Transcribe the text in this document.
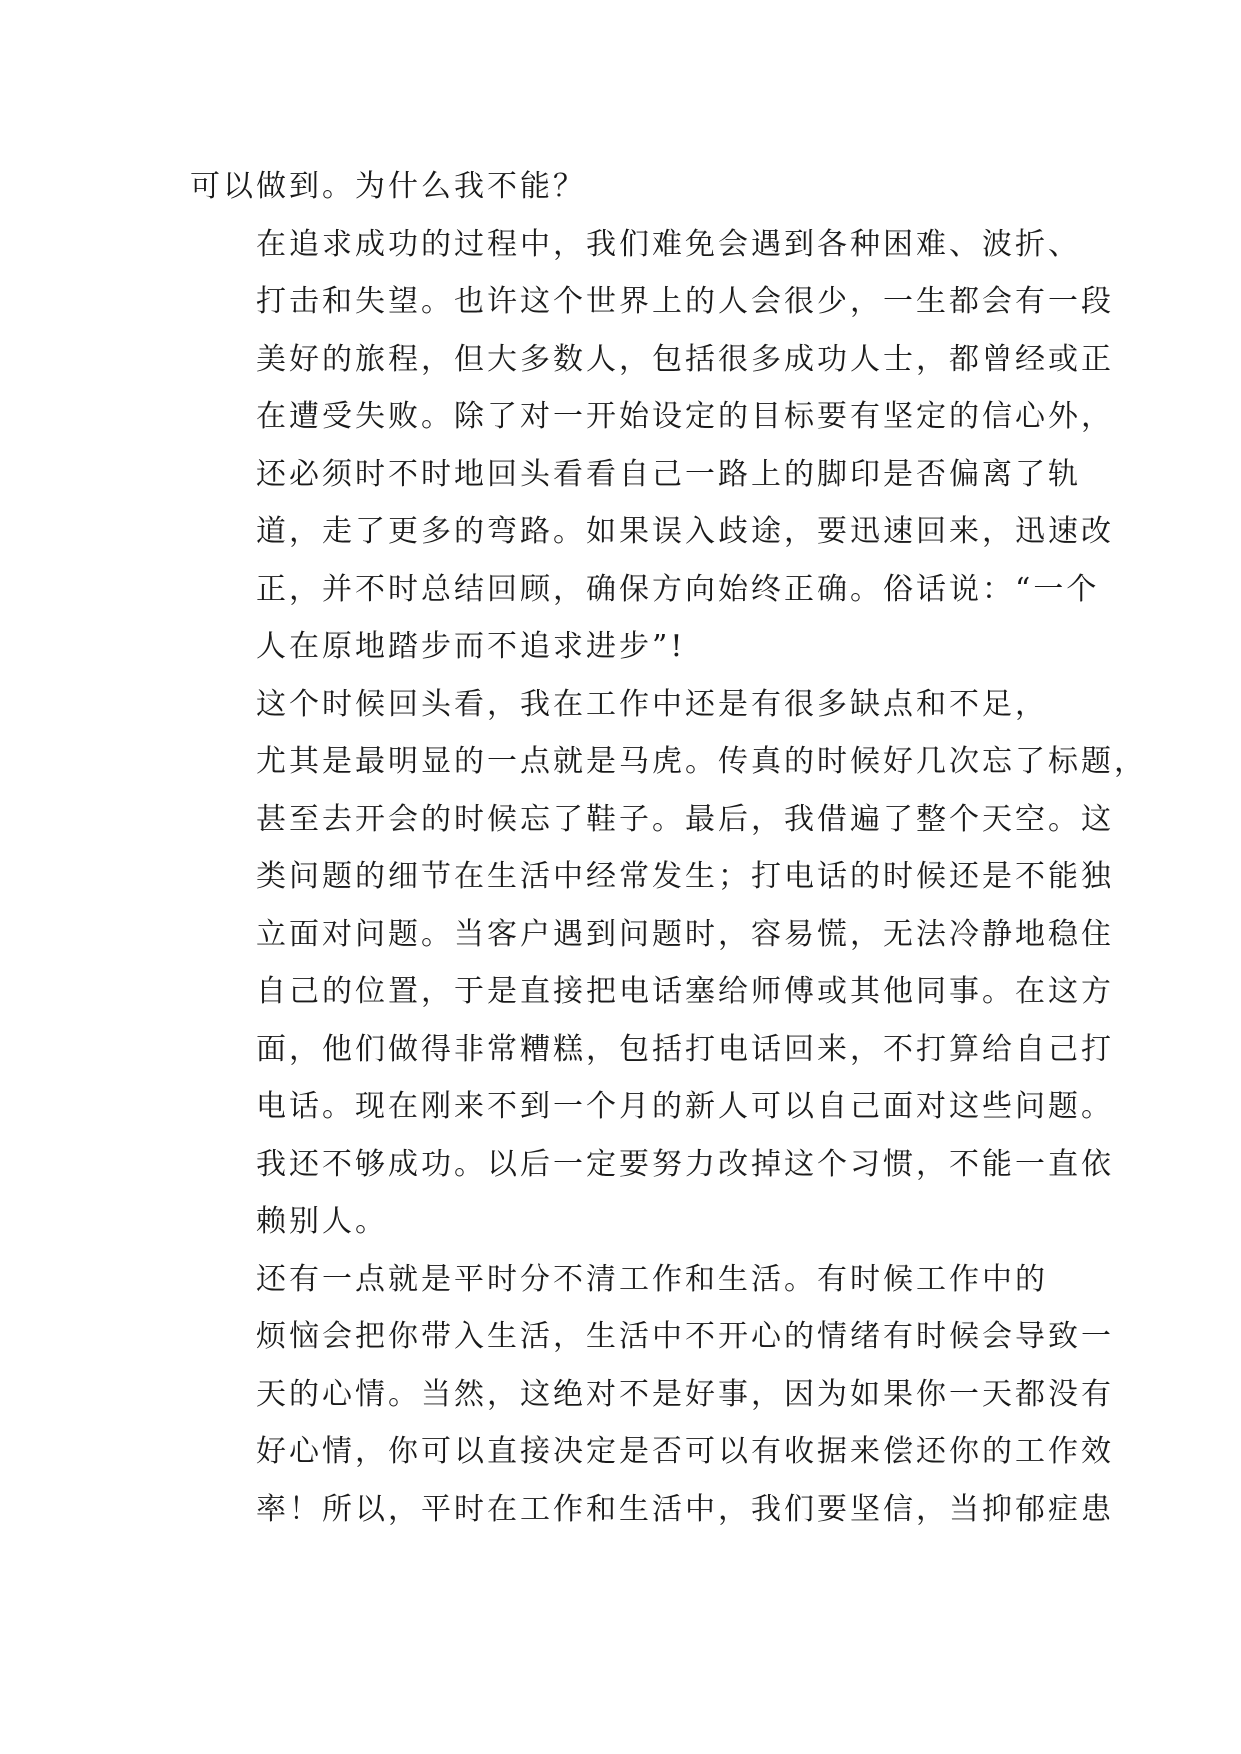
可以做到。为什么我不能？

在追求成功的过程中，我们难免会遇到各种困难、波折、
打击和失望。也许这个世界上的人会很少，一生都会有一段
美好的旅程，但大多数人，包括很多成功人士，都曾经或正
在遭受失败。除了对一开始设定的目标要有坚定的信心外，
还必须时不时地回头看看自己一路上的脚印是否偏离了轨
道，走了更多的弯路。如果误入歧途，要迅速回来，迅速改
正，并不时总结回顾，确保方向始终正确。俗话说：“一个
人在原地踏步而不追求进步”!

这个时候回头看，我在工作中还是有很多缺点和不足，
尤其是最明显的一点就是马虎。传真的时候好几次忘了标题，
甚至去开会的时候忘了鞋子。最后，我借遍了整个天空。这
类问题的细节在生活中经常发生；打电话的时候还是不能独
立面对问题。当客户遇到问题时，容易慌，无法冷静地稳住
自己的位置，于是直接把电话塞给师傅或其他同事。在这方
面，他们做得非常糟糕，包括打电话回来，不打算给自己打
电话。现在刚来不到一个月的新人可以自己面对这些问题。
我还不够成功。以后一定要努力改掉这个习惯，不能一直依
赖别人。

还有一点就是平时分不清工作和生活。有时候工作中的
烦恼会把你带入生活，生活中不开心的情绪有时候会导致一
天的心情。当然，这绝对不是好事，因为如果你一天都没有
好心情，你可以直接决定是否可以有收据来偿还你的工作效
率！所以，平时在工作和生活中，我们要坚信，当抑郁症患
